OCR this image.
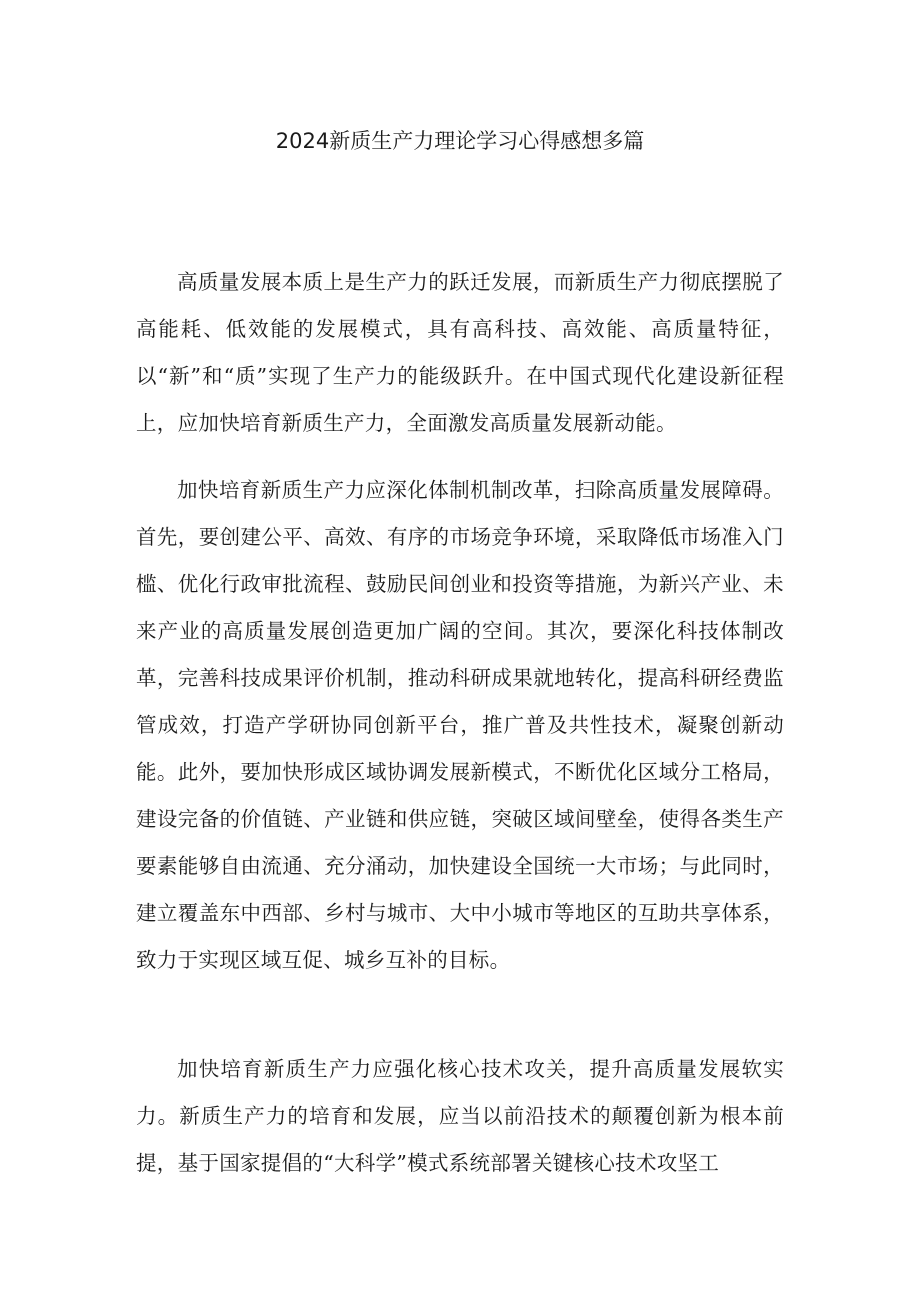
2024新质生产力理论学习心得感想多篇

高质量发展本质上是生产力的跃迁发展，而新质生产力彻底摆脱了高能耗、低效能的发展模式，具有高科技、高效能、高质量特征，以“新”和“质”实现了生产力的能级跃升。在中国式现代化建设新征程上，应加快培育新质生产力，全面激发高质量发展新动能。

加快培育新质生产力应深化体制机制改革，扫除高质量发展障碍。首先，要创建公平、高效、有序的市场竞争环境，采取降低市场准入门槛、优化行政审批流程、鼓励民间创业和投资等措施，为新兴产业、未来产业的高质量发展创造更加广阔的空间。其次，要深化科技体制改革，完善科技成果评价机制，推动科研成果就地转化，提高科研经费监管成效，打造产学研协同创新平台，推广普及共性技术，凝聚创新动能。此外，要加快形成区域协调发展新模式，不断优化区域分工格局，建设完备的价值链、产业链和供应链，突破区域间壁垒，使得各类生产要素能够自由流通、充分涌动，加快建设全国统一大市场；与此同时，建立覆盖东中西部、乡村与城市、大中小城市等地区的互助共享体系，致力于实现区域互促、城乡互补的目标。

加快培育新质生产力应强化核心技术攻关，提升高质量发展软实力。新质生产力的培育和发展，应当以前沿技术的颠覆创新为根本前提，基于国家提倡的“大科学”模式系统部署关键核心技术攻坚工
